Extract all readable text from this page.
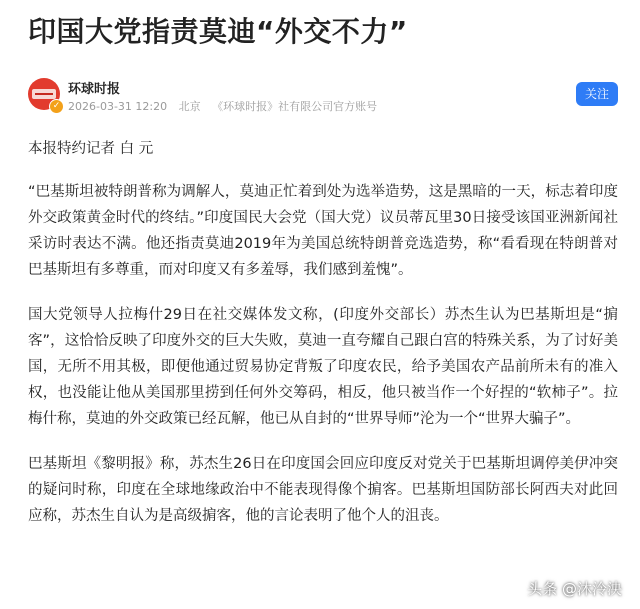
印国大党指责莫迪“外交不力”
✓
环球时报
2026-03-31 12:20 北京 《环球时报》社有限公司官方账号
关注

本报特约记者 白 元

“巴基斯坦被特朗普称为调解人，莫迪正忙着到处为选举造势，这是黑暗的一天，标志着印度外交政策黄金时代的终结。”印度国民大会党（国大党）议员蒂瓦里30日接受该国亚洲新闻社采访时表达不满。他还指责莫迪2019年为美国总统特朗普竞选造势，称“看看现在特朗普对巴基斯坦有多尊重，而对印度又有多羞辱，我们感到羞愧”。

国大党领导人拉梅什29日在社交媒体发文称，(印度外交部长）苏杰生认为巴基斯坦是“掮客”，这恰恰反映了印度外交的巨大失败，莫迪一直夸耀自己跟白宫的特殊关系，为了讨好美国，无所不用其极，即便他通过贸易协定背叛了印度农民，给予美国农产品前所未有的准入权，也没能让他从美国那里捞到任何外交筹码，相反，他只被当作一个好捏的“软柿子”。拉梅什称，莫迪的外交政策已经瓦解，他已从自封的“世界导师”沦为一个“世界大骗子”。

巴基斯坦《黎明报》称，苏杰生26日在印度国会回应印度反对党关于巴基斯坦调停美伊冲突的疑问时称，印度在全球地缘政治中不能表现得像个掮客。巴基斯坦国防部长阿西夫对此回应称，苏杰生自认为是高级掮客，他的言论表明了他个人的沮丧。

头条 @沐泠泱
